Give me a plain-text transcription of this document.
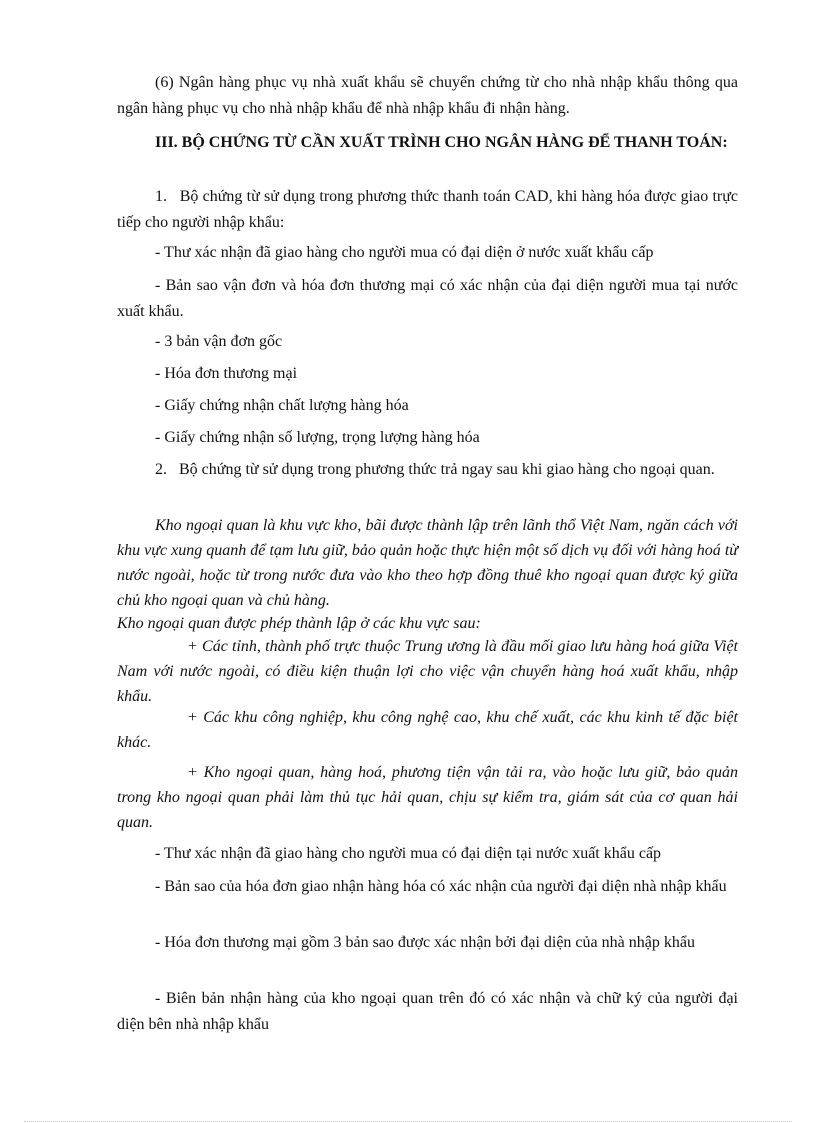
(6) Ngân hàng phục vụ nhà xuất khẩu sẽ chuyển chứng từ cho nhà nhập khẩu thông qua ngân hàng phục vụ cho nhà nhập khẩu để nhà nhập khẩu đi nhận hàng.

III. BỘ CHỨNG TỪ CẦN XUẤT TRÌNH CHO NGÂN HÀNG ĐỂ THANH TOÁN:

1.   Bộ chứng từ sử dụng trong phương thức thanh toán CAD, khi hàng hóa được giao trực tiếp cho người nhập khẩu:

- Thư xác nhận đã giao hàng cho người mua có đại diện ở nước xuất khẩu cấp

- Bản sao vận đơn và hóa đơn thương mại có xác nhận của đại diện người mua tại nước xuất khẩu.

- 3 bản vận đơn gốc

- Hóa đơn thương mại

- Giấy chứng nhận chất lượng hàng hóa

- Giấy chứng nhận số lượng, trọng lượng hàng hóa

2.   Bộ chứng từ sử dụng trong phương thức trả ngay sau khi giao hàng cho ngoại quan.

Kho ngoại quan là khu vực kho, bãi được thành lập trên lãnh thổ Việt Nam, ngăn cách với khu vực xung quanh để tạm lưu giữ, bảo quản hoặc thực hiện một số dịch vụ đối với hàng hoá từ nước ngoài, hoặc từ trong nước đưa vào kho theo hợp đồng thuê kho ngoại quan được ký giữa chủ kho ngoại quan và chủ hàng.

Kho ngoại quan được phép thành lập ở các khu vực sau:

+ Các tỉnh, thành phố trực thuộc Trung ương là đầu mối giao lưu hàng hoá giữa Việt Nam với nước ngoài, có điều kiện thuận lợi cho việc vận chuyển hàng hoá xuất khẩu, nhập khẩu.

+ Các khu công nghiệp, khu công nghệ cao, khu chế xuất, các khu kinh tế đặc biệt khác.

+ Kho ngoại quan, hàng hoá, phương tiện vận tải ra, vào hoặc lưu giữ, bảo quản trong kho ngoại quan phải làm thủ tục hải quan, chịu sự kiểm tra, giám sát của cơ quan hải quan.

- Thư xác nhận đã giao hàng cho người mua có đại diện tại nước xuất khẩu cấp

- Bản sao của hóa đơn giao nhận hàng hóa có xác nhận của người đại diện nhà nhập khẩu

- Hóa đơn thương mại gồm 3 bản sao được xác nhận bởi đại diện của nhà nhập khẩu

- Biên bản nhận hàng của kho ngoại quan trên đó có xác nhận và chữ ký của người đại diện bên nhà nhập khẩu
